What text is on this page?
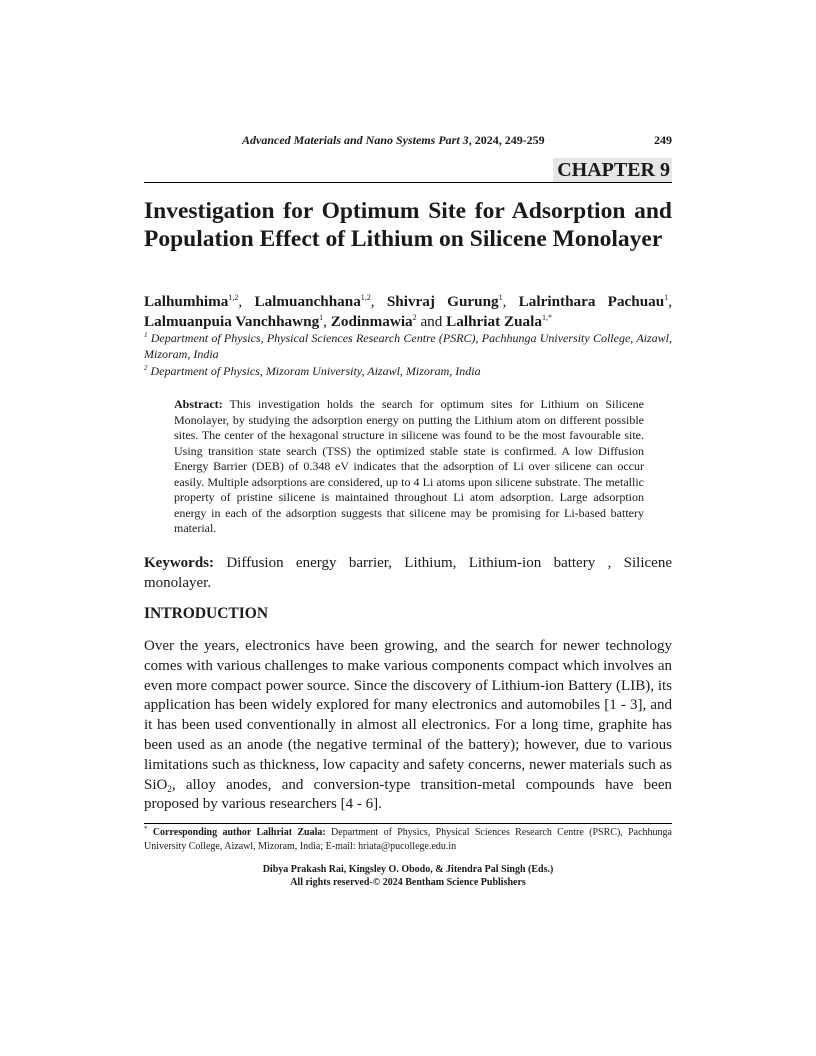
Advanced Materials and Nano Systems Part 3, 2024, 249-259	249
CHAPTER 9
Investigation for Optimum Site for Adsorption and Population Effect of Lithium on Silicene Monolayer

Lalhumhima$^{1,2}$, Lalmuanchhana$^{1,2}$, Shivraj Gurung$^1$, Lalrinthara Pachuau$^1$, Lalmuanpuia Vanchhawng$^1$, Zodinmawia$^2$ and Lalhriat Zuala$^{1,*}$

$^1$ Department of Physics, Physical Sciences Research Centre (PSRC), Pachhunga University College, Aizawl, Mizoram, India

$^2$ Department of Physics, Mizoram University, Aizawl, Mizoram, India

Abstract: This investigation holds the search for optimum sites for Lithium on Silicene Monolayer, by studying the adsorption energy on putting the Lithium atom on different possible sites. The center of the hexagonal structure in silicene was found to be the most favourable site. Using transition state search (TSS) the optimized stable state is confirmed. A low Diffusion Energy Barrier (DEB) of 0.348 eV indicates that the adsorption of Li over silicene can occur easily. Multiple adsorptions are considered, up to 4 Li atoms upon silicene substrate. The metallic property of pristine silicene is maintained throughout Li atom adsorption. Large adsorption energy in each of the adsorption suggests that silicene may be promising for Li-based battery material.

Keywords: Diffusion energy barrier, Lithium, Lithium-ion battery , Silicene monolayer.

INTRODUCTION

Over the years, electronics have been growing, and the search for newer technology comes with various challenges to make various components compact which involves an even more compact power source. Since the discovery of Lithium-ion Battery (LIB), its application has been widely explored for many electronics and automobiles [1 - 3], and it has been used conventionally in almost all electronics. For a long time, graphite has been used as an anode (the negative terminal of the battery); however, due to various limitations such as thickness, low capacity and safety concerns, newer materials such as SiO$_2$, alloy anodes, and conversion-type transition-metal compounds have been proposed by various researchers [4 - 6].

* Corresponding author Lalhriat Zuala: Department of Physics, Physical Sciences Research Centre (PSRC), Pachhunga University College, Aizawl, Mizoram, India; E-mail: hriata@pucollege.edu.in

Dibya Prakash Rai, Kingsley O. Obodo, & Jitendra Pal Singh (Eds.)
All rights reserved-© 2024 Bentham Science Publishers
